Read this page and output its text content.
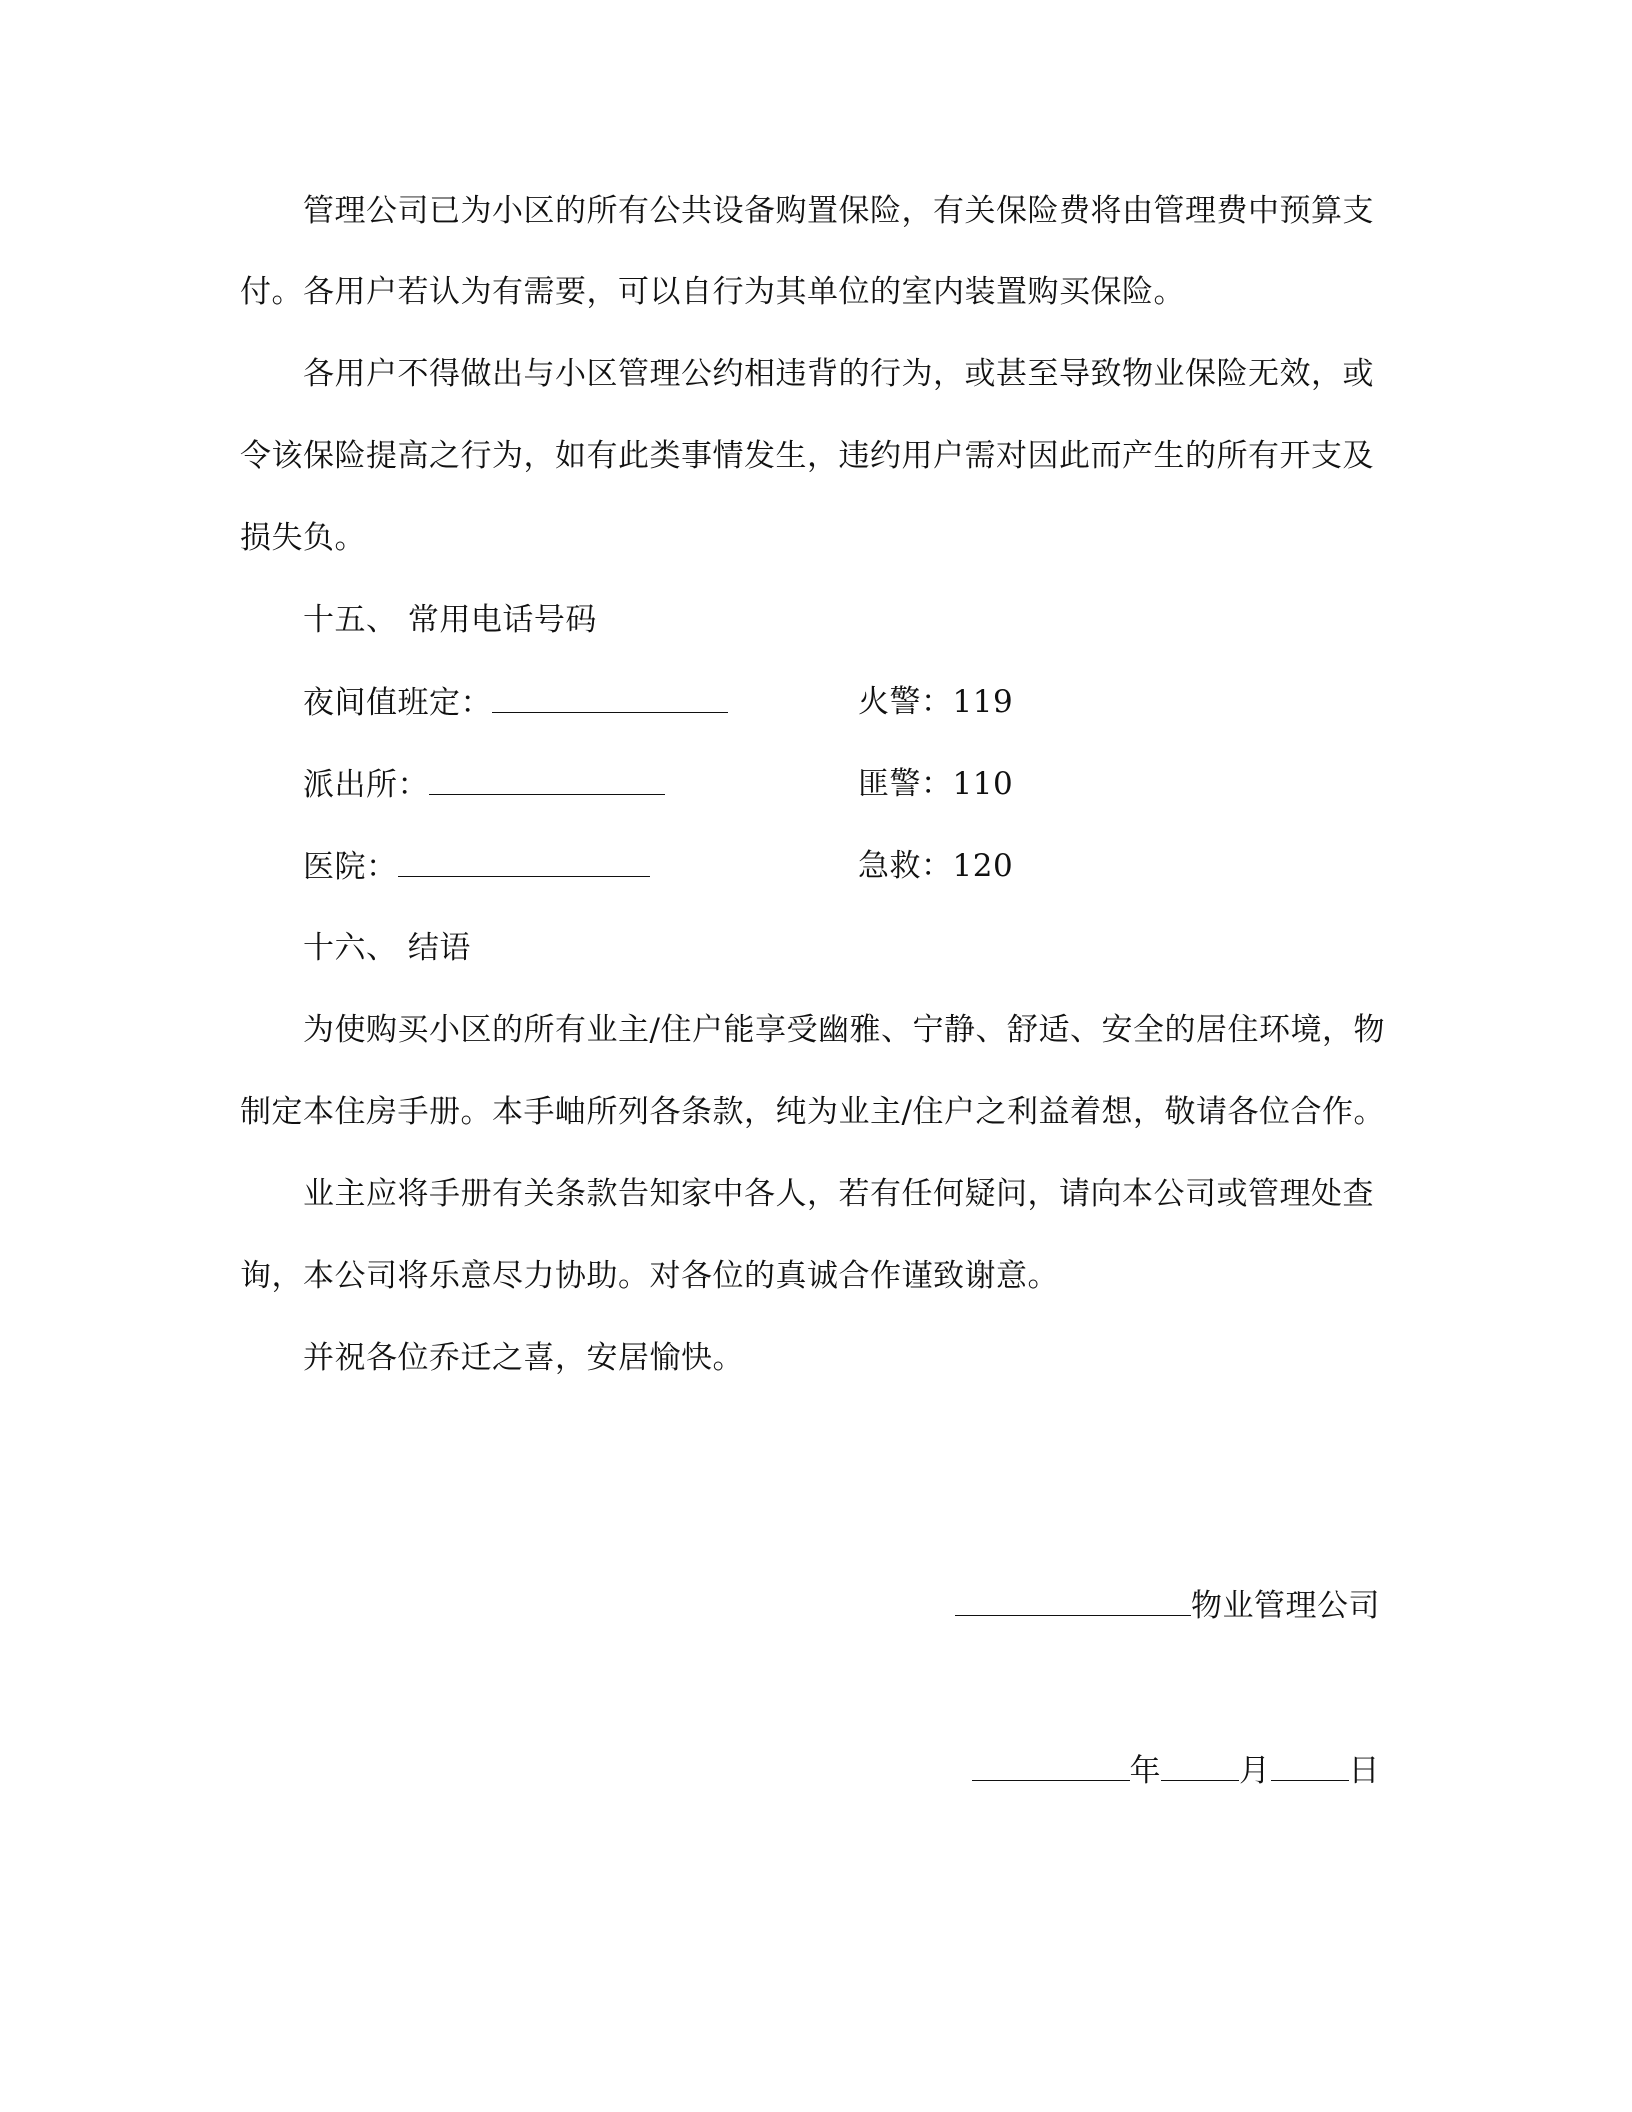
管理公司已为小区的所有公共设备购置保险，有关保险费将由管理费中预算支
付。各用户若认为有需要，可以自行为其单位的室内装置购买保险。
各用户不得做出与小区管理公约相违背的行为，或甚至导致物业保险无效，或
令该保险提高之行为，如有此类事情发生，违约用户需对因此而产生的所有开支及
损失负。
十五、 常用电话号码
夜间值班定：	火警：119
派出所：	匪警：110
医院：	急救：120
十六、 结语
为使购买小区的所有业主/住户能享受幽雅、宁静、舒适、安全的居住环境，物
制定本住房手册。本手岫所列各条款，纯为业主/住户之利益着想，敬请各位合作。
业主应将手册有关条款告知家中各人，若有任何疑问，请向本公司或管理处查
询，本公司将乐意尽力协助。对各位的真诚合作谨致谢意。
并祝各位乔迁之喜，安居愉快。
物业管理公司
年	月	日
